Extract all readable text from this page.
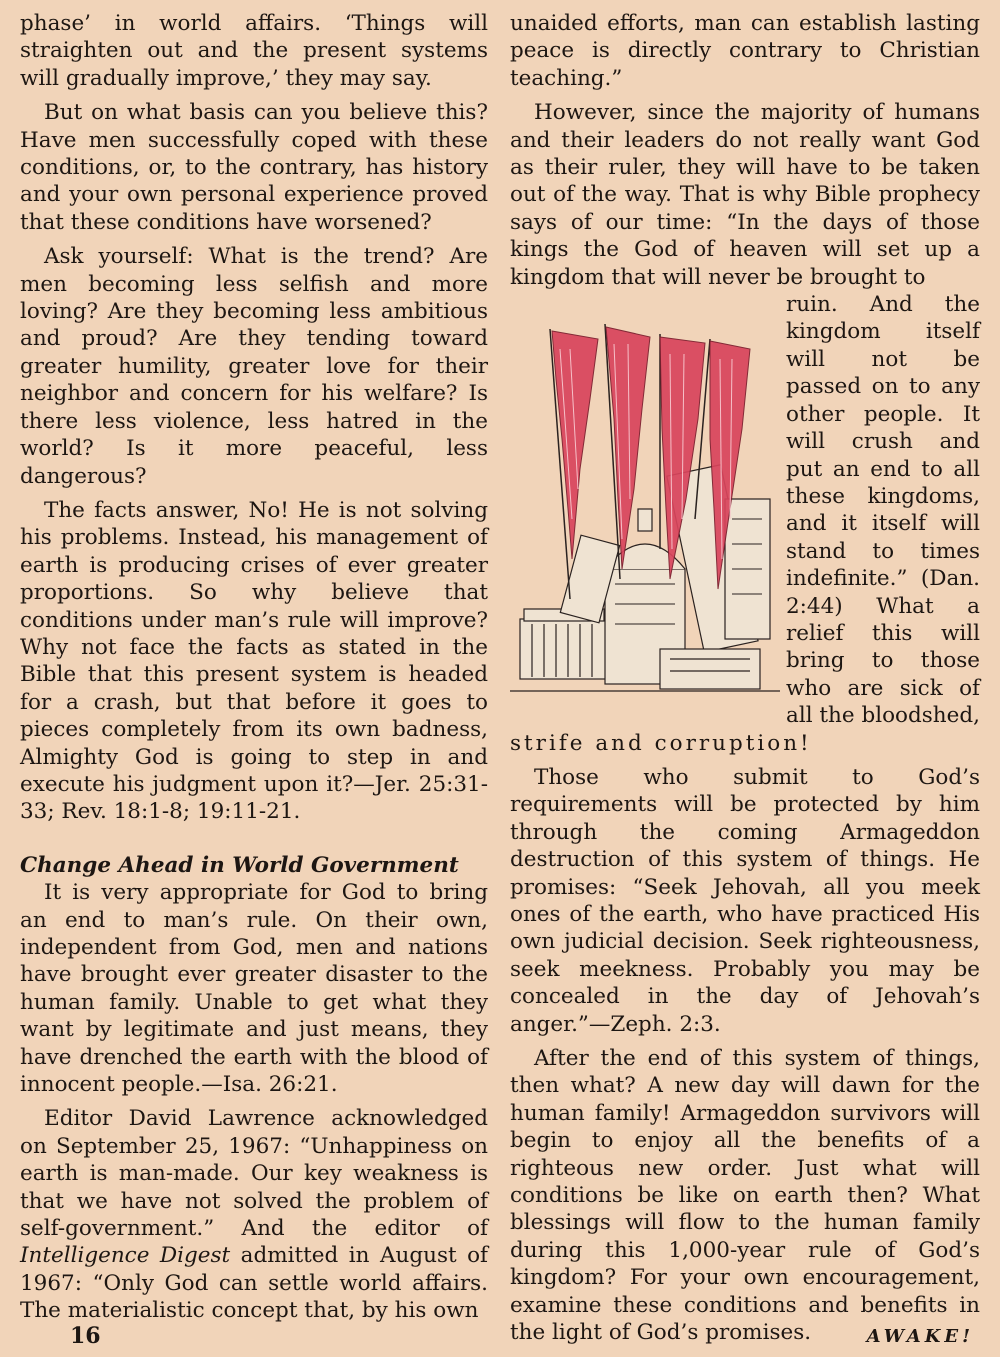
phase’ in world affairs. ‘Things will straighten out and the present systems will gradually improve,’ they may say.

But on what basis can you believe this? Have men successfully coped with these conditions, or, to the contrary, has history and your own personal experience proved that these conditions have worsened?

Ask yourself: What is the trend? Are men becoming less selfish and more loving? Are they becoming less ambitious and proud? Are they tending toward greater humility, greater love for their neighbor and concern for his welfare? Is there less violence, less hatred in the world? Is it more peaceful, less dangerous?

The facts answer, No! He is not solving his problems. Instead, his management of earth is producing crises of ever greater proportions. So why believe that conditions under man’s rule will improve? Why not face the facts as stated in the Bible that this present system is headed for a crash, but that before it goes to pieces completely from its own badness, Almighty God is going to step in and execute his judgment upon it?—Jer. 25:31-33; Rev. 18:1-8; 19:11-21.

Change Ahead in World Government

It is very appropriate for God to bring an end to man’s rule. On their own, independent from God, men and nations have brought ever greater disaster to the human family. Unable to get what they want by legitimate and just means, they have drenched the earth with the blood of innocent people.—Isa. 26:21.

Editor David Lawrence acknowledged on September 25, 1967: “Unhappiness on earth is man-made. Our key weakness is that we have not solved the problem of self-government.” And the editor of Intelligence Digest admitted in August of 1967: “Only God can settle world affairs. The materialistic concept that, by his own

unaided efforts, man can establish lasting peace is directly contrary to Christian teaching.”

However, since the majority of humans and their leaders do not really want God as their ruler, they will have to be taken out of the way. That is why Bible prophecy says of our time: “In the days of those kings the God of heaven will set up a kingdom that will never be brought to

ruin. And the kingdom itself will not be passed on to any other people. It will crush and put an end to all these kingdoms, and it itself will stand to times indefinite.” (Dan. 2:44) What a relief this will bring to those who are sick of all the bloodshed,

strife and corruption!

Those who submit to God’s requirements will be protected by him through the coming Armageddon destruction of this system of things. He promises: “Seek Jehovah, all you meek ones of the earth, who have practiced His own judicial decision. Seek righteousness, seek meekness. Probably you may be concealed in the day of Jehovah’s anger.”—Zeph. 2:3.

After the end of this system of things, then what? A new day will dawn for the human family! Armageddon survivors will begin to enjoy all the benefits of a righteous new order. Just what will conditions be like on earth then? What blessings will flow to the human family during this 1,000-year rule of God’s kingdom? For your own encouragement, examine these conditions and benefits in the light of God’s promises.

16	AWAKE!
